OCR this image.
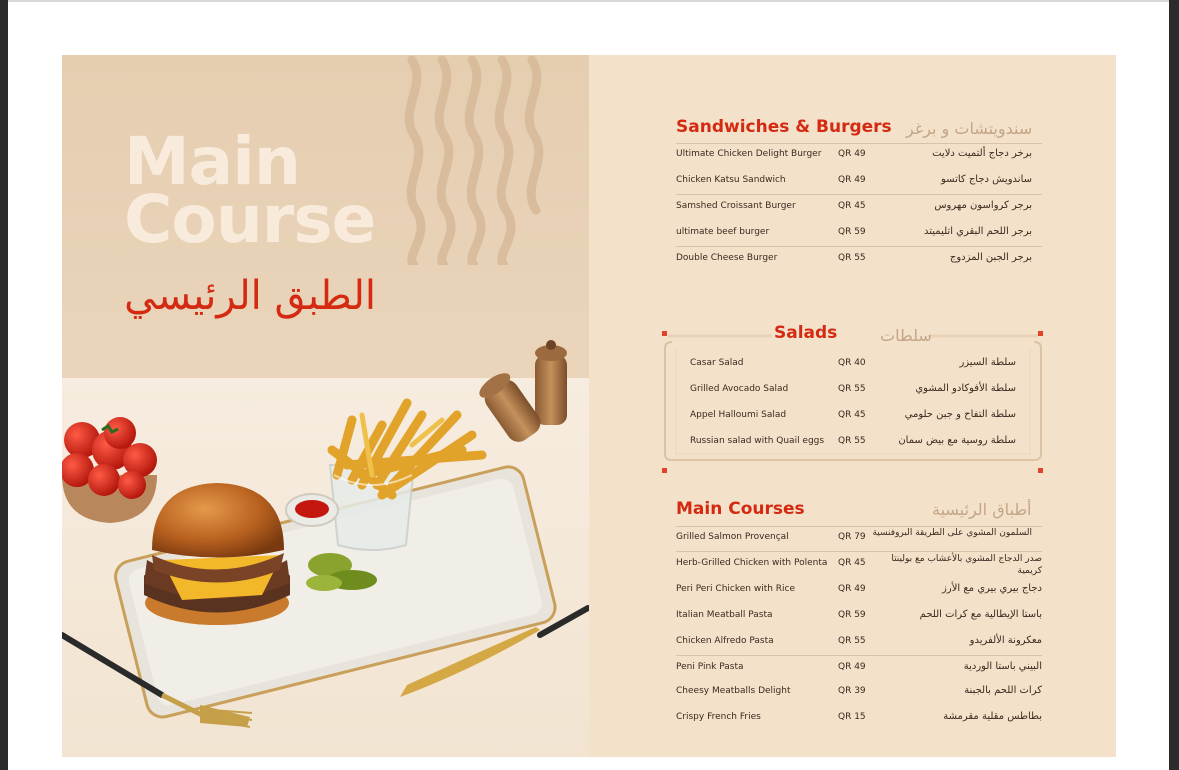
Main
Course
الطبق الرئيسي
Sandwiches & Burgers سندويتشات و برغر
Ultimate Chicken Delight Burger QR 49	برخر دجاج ألتميت دلايت
Chicken Katsu Sandwich	QR 49	ساندويش دجاج كاتسو
Samshed Croissant Burger	QR 45	برجر كرواسون مهروس
ultimate beef burger	QR 59	برجر اللحم البقري اتليميتد
Double Cheese Burger	QR 55	برجر الجبن المزدوج
Salads	سلطات
Casar Salad	QR 40	سلطة السيزر
Grilled Avocado Salad	QR 55	سلطة الأفوكادو المشوي
Appel Halloumi Salad	QR 45	سلطة التفاح و جبن حلومي
Russian salad with Quail eggs QR 55	سلطة روسية مع بيض سمان
Main Courses	أطباق الرئيسية
Grilled Salmon Provençal	QR 79 السلمون المشوي على الطريقة البروفنسية
Herb-Grilled Chicken with Polenta QR 45	صدر الدجاج المشوي بالأعشاب مع بولينتا كريمية
Peri Peri Chicken with Rice	QR 49	دجاج بيري بيري مع الأرز
Italian Meatball Pasta	QR 59	باستا الإيطالية مع كرات اللحم
Chicken Alfredo Pasta	QR 55	معكرونة الألفريدو
Peni Pink Pasta	QR 49	البيني باستا الوردية
Cheesy Meatballs Delight	QR 39	كرات اللحم بالجبنة
Crispy French Fries	QR 15	بطاطس مقلية مقرمشة
